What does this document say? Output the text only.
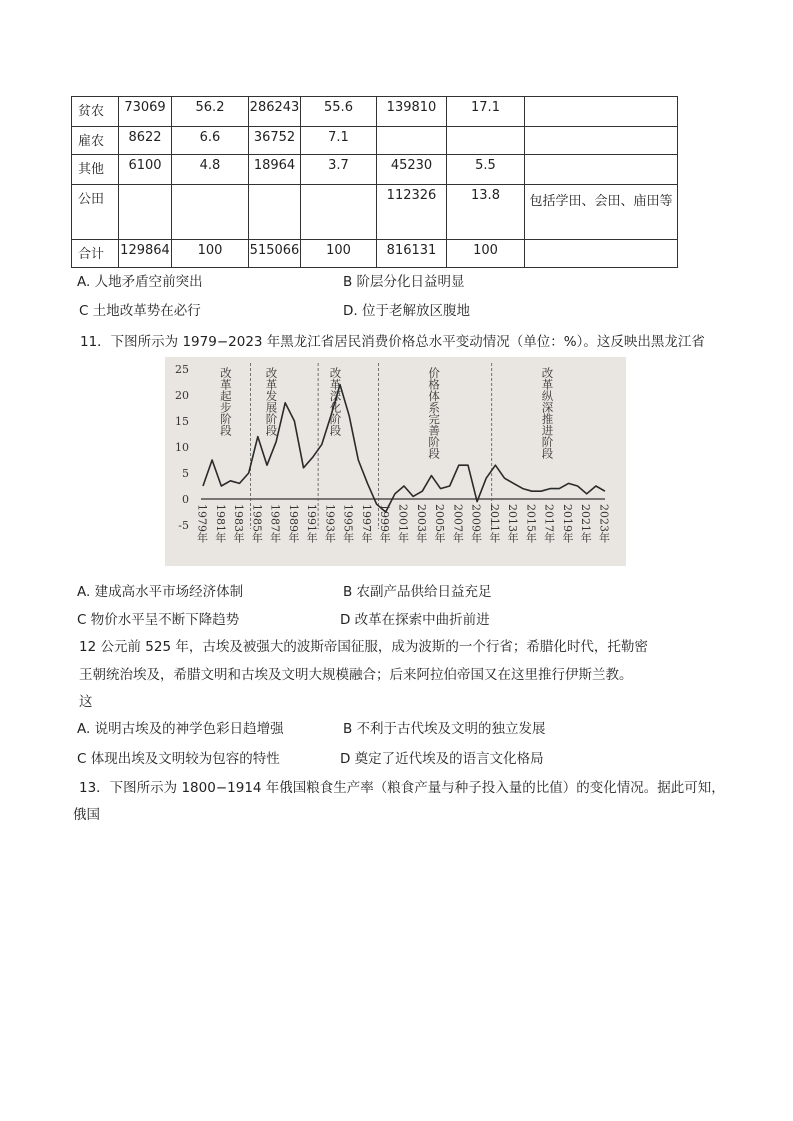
贫农	73069	56.2	286243	55.6	139810	17.1	

雇农	8622	6.6	36752	7.1			

其他	6100	4.8	18964	3.7	45230	5.5	

公田					112326	13.8	包括学田、会田、庙田等

合计	129864	100	515066	100	816131	100	

A. 人地矛盾空前突出	B 阶层分化日益明显
C 土地改革势在必行	D. 位于老解放区腹地
11．下图所示为 1979−2023 年黑龙江省居民消费价格总水平变动情况（单位：%）。这反映出黑龙江省
25
20
15
10
5
0
-5
改革起步阶段	改革发展阶段	改革深化阶段	价格体系完善阶段	改革纵深推进阶段
1979年 1981年 1983年 1985年 1987年 1989年 1991年 1993年 1995年 1997年 1999年 2001年 2003年 2005年 2007年 2009年 2011年 2013年 2015年 2017年 2019年 2021年 2023年
A. 建成高水平市场经济体制	B 农副产品供给日益充足
C 物价水平呈不断下降趋势	D 改革在探索中曲折前进
12 公元前 525 年，古埃及被强大的波斯帝国征服，成为波斯的一个行省；希腊化时代，托勒密
王朝统治埃及，希腊文明和古埃及文明大规模融合；后来阿拉伯帝国又在这里推行伊斯兰教。
这
A. 说明古埃及的神学色彩日趋增强	B 不利于古代埃及文明的独立发展
C 体现出埃及文明较为包容的特性	D 奠定了近代埃及的语言文化格局
13．下图所示为 1800−1914 年俄国粮食生产率（粮食产量与种子投入量的比值）的变化情况。据此可知，
俄国
